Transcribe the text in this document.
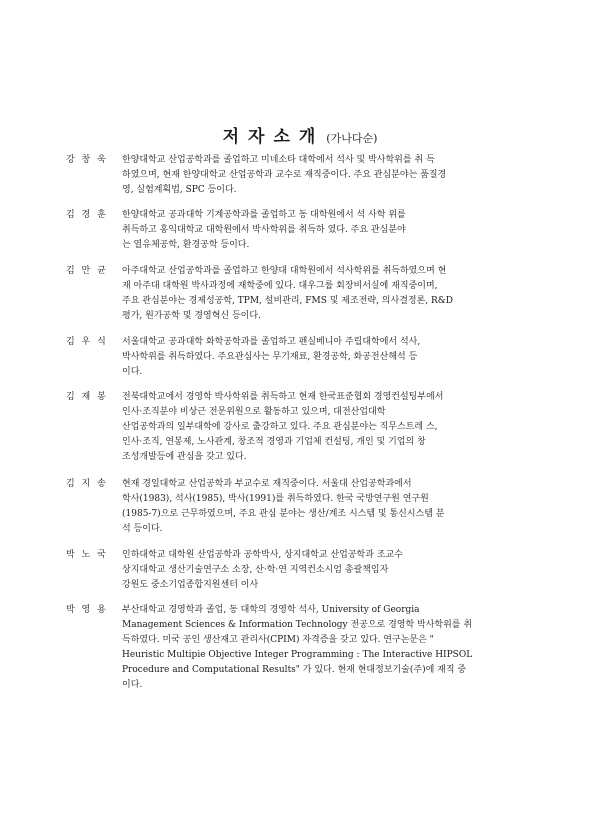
저자소개 (가나다순)
강 창 욱	한양대학교 산업공학과를 졸업하고 미네소타 대학에서 석사 및 박사학위를 취 득
하였으며, 현재 한양대학교 산업공학과 교수로 재직중이다. 주요 관심분야는 품질경
영, 실험계획법, SPC 등이다.
김 경 훈	한양대학교 공과대학 기계공학과를 졸업하고 동 대학원에서 석 사학 위를
취득하고 홍익대학교 대학원에서 박사학위를 취득하 였다. 주요 관심분야
는 열유체공학, 환경공학 등이다.
김 만 균	아주대학교 산업공학과를 졸업하고 한양대 대학원에서 석사학위를 취득하였으며 현
재 아주대 대학원 박사과정에 재학중에 있다. 대우그룹 회장비서실에 재직중이며,
주요 관심분야는 경제성공학, TPM, 설비관리, FMS 및 제조전략, 의사결정론, R&D
평가, 원가공학 및 경영혁신 등이다.
김 우 식	서울대학교 공과대학 화학공학과를 졸업하고 펜실베니아 주립대학에서 석사,
박사학위를 취득하였다. 주요관심사는 무기재료, 환경공학, 화공전산해석 등
이다.
김 재 봉	전북대학교에서 경영학 박사학위를 취득하고 현재 한국표준협회 경영컨설팅부에서
인사·조직분야 비상근 전문위원으로 활동하고 있으며, 대전산업대학
산업공학과의 일부대학에 강사로 출강하고 있다. 주요 관심분야는 직무스트레 스,
인사·조직, 연봉제, 노사관계, 창조적 경영과 기업체 컨설팅, 개인 및 기업의 창
조성개발등에 관심을 갖고 있다.
김 지 송	현재 경일대학교 산업공학과 부교수로 재직중이다. 서울대 산업공학과에서
학사(1983), 석사(1985), 박사(1991)를 취득하였다. 한국 국방연구원 연구원
(1985-7)으로 근무하였으며, 주요 관심 분야는 생산/계조 시스템 및 통신시스템 분
석 등이다.
박 노 국	인하대학교 대학원 산업공학과 공학박사, 상지대학교 산업공학과 조교수
상지대학교 생산기술연구소 소장, 산·학·연 지역컨소시엄 총괄책임자
강원도 중소기업종합지원센터 이사
박 영 용	부산대학교 경영학과 졸업, 동 대학의 경영학 석사, University of Georgia
Management Sciences & Information Technology 전공으로 경영학 박사학위를 취
득하였다. 미국 공인 생산재고 관리사(CPIM) 자격증을 갖고 있다. 연구논문은 "
Heuristic Multipie Objective Integer Programming : The Interactive HIPSOL
Procedure and Computational Results" 가 있다. 현재 현대정보기술(주)에 재직 중
이다.
